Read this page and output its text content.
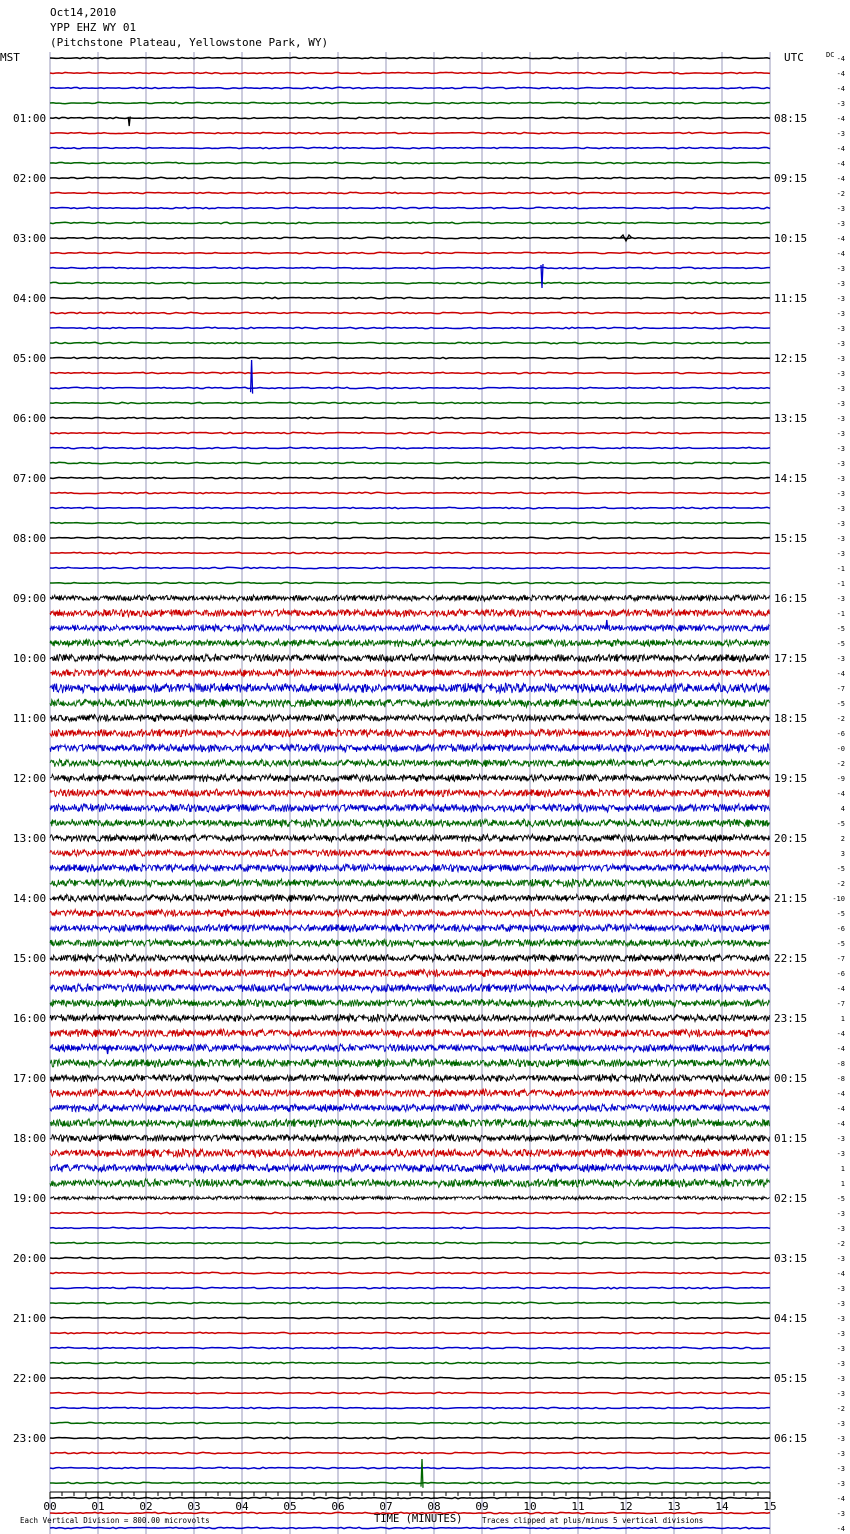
01:00
02:00
03:00
04:00
05:00
06:00
07:00
08:00
09:00
10:00
11:00
12:00
13:00
14:00
15:00
16:00
17:00
18:00
19:00
20:00
21:00
22:00
23:00
08:15
09:15
10:15
11:15
12:15
13:15
14:15
15:15
16:15
17:15
18:15
19:15
20:15
21:15
22:15
23:15
00:15
01:15
02:15
03:15
04:15
05:15
06:15
-4
-4
-4
-3
-4
-3
-4
-4
-4
-2
-3
-3
-4
-4
-3
-3
-3
-3
-3
-3
-3
-3
-3
-3
-3
-3
-3
-3
-3
-3
-3
-3
-3
-3
-1
-1
-3
-1
-5
-5
-3
-4
-7
-5
-2
-6
-0
-2
-9
-4
4
-5
2
3
-5
-2
-10
-5
-6
-5
-7
-6
-4
-7
1
-4
-4
-8
-8
-4
-4
-4
-3
-3
1
1
-5
-3
-3
-2
-3
-4
-3
-3
-3
-3
-3
-3
-3
-3
-2
-3
-3
-3
-3
-3
-4
-3
-4
00	01	02	03	04	05	06	07	08	09	10	11	12	13	14	15
Oct14,2010
YPP EHZ WY 01
(Pitchstone Plateau, Yellowstone Park, WY)
MST	UTC	DC
Each Vertical Division = 800.00 microvolts	TIME (MINUTES)	Traces clipped at plus/minus 5 vertical divisions
